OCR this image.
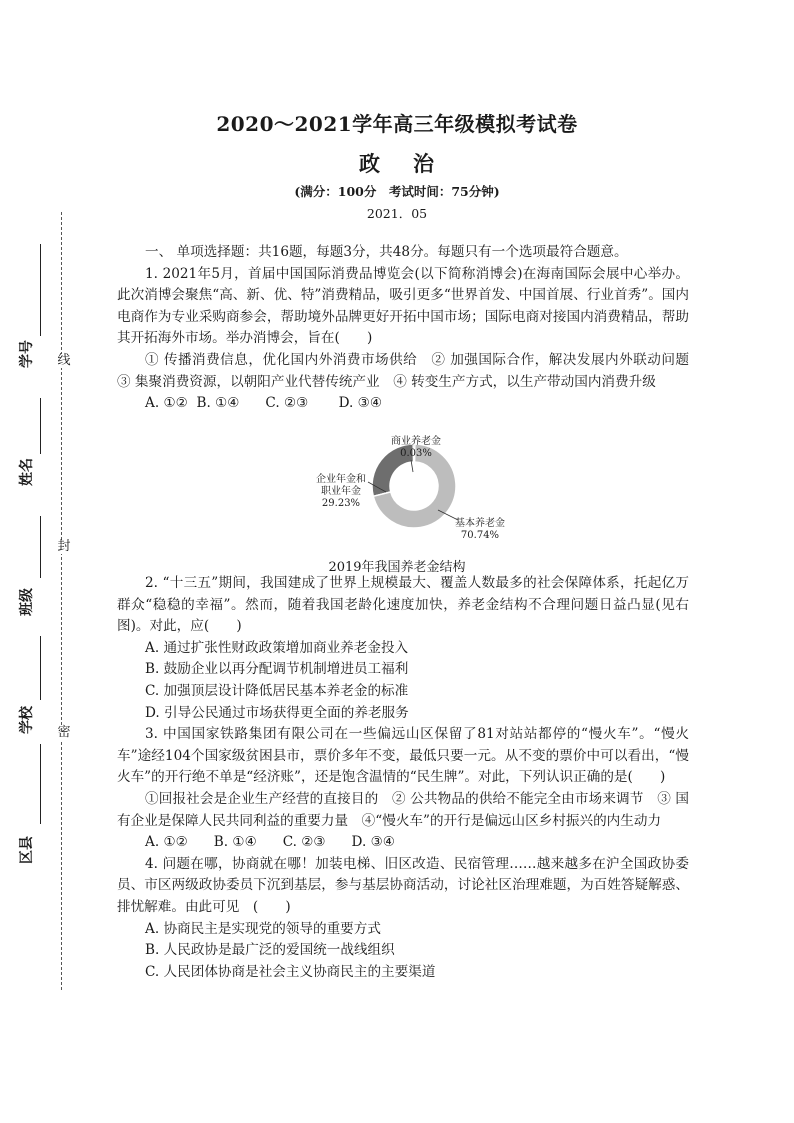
线
封
密
学号
姓名
班级
学校
区县
2020～2021学年高三年级模拟考试卷
政 治
(满分：100分　考试时间：75分钟)
2021．05

一、 单项选择题：共16题，每题3分，共48分。每题只有一个选项最符合题意。

1. 2021年5月，首届中国国际消费品博览会(以下简称消博会)在海南国际会展中心举办。此次消博会聚焦“高、新、优、特”消费精品，吸引更多“世界首发、中国首展、行业首秀”。国内电商作为专业采购商参会，帮助境外品牌更好开拓中国市场；国际电商对接国内消费精品，帮助其开拓海外市场。举办消博会，旨在(　　)

① 传播消费信息，优化国内外消费市场供给　② 加强国际合作，解决发展内外联动问题　③ 集聚消费资源，以朝阳产业代替传统产业　④ 转变生产方式，以生产带动国内消费升级

A. ①②  B. ①④      C. ②③       D. ③④

商业养老金
0.03%
企业年金和
职业年金
29.23%
基本养老金
70.74%
2019年我国养老金结构

2. “十三五”期间，我国建成了世界上规模最大、覆盖人数最多的社会保障体系，托起亿万群众“稳稳的幸福”。然而，随着我国老龄化速度加快，养老金结构不合理问题日益凸显(见右图)。对此，应(　　)

A. 通过扩张性财政政策增加商业养老金投入

B. 鼓励企业以再分配调节机制增进员工福利

C. 加强顶层设计降低居民基本养老金的标准

D. 引导公民通过市场获得更全面的养老服务

3. 中国国家铁路集团有限公司在一些偏远山区保留了81对站站都停的“慢火车”。“慢火车”途经104个国家级贫困县市，票价多年不变，最低只要一元。从不变的票价中可以看出，“慢火车”的开行绝不单是“经济账”，还是饱含温情的“民生牌”。对此，下列认识正确的是(　　)

①回报社会是企业生产经营的直接目的　② 公共物品的供给不能完全由市场来调节　③ 国有企业是保障人民共同利益的重要力量　④“慢火车”的开行是偏远山区乡村振兴的内生动力

A. ①②      B. ①④      C. ②③      D. ③④

4. 问题在哪，协商就在哪！加装电梯、旧区改造、民宿管理……越来越多在沪全国政协委员、市区两级政协委员下沉到基层，参与基层协商活动，讨论社区治理难题，为百姓答疑解惑、排忧解难。由此可见　(　　)

A. 协商民主是实现党的领导的重要方式

B. 人民政协是最广泛的爱国统一战线组织

C. 人民团体协商是社会主义协商民主的主要渠道
